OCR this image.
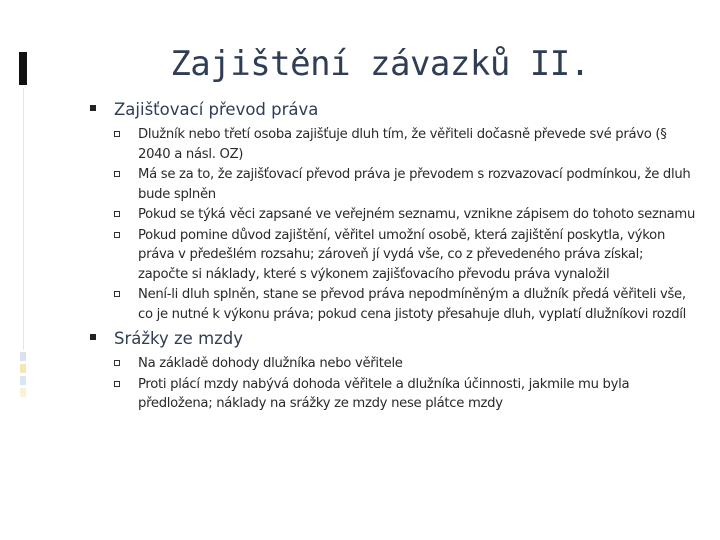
Zajištění závazků II.
Zajišťovací převod práva
Dlužník nebo třetí osoba zajišťuje dluh tím, že věřiteli dočasně převede své právo (§ 2040 a násl. OZ)
Má se za to, že zajišťovací převod práva je převodem s rozvazovací podmínkou, že dluh bude splněn
Pokud se týká věci zapsané ve veřejném seznamu, vznikne zápisem do tohoto seznamu
Pokud pomine důvod zajištění, věřitel umožní osobě, která zajištění poskytla, výkon práva v předešlém rozsahu; zároveň jí vydá vše, co z převedeného práva získal; započte si náklady, které s výkonem zajišťovacího převodu práva vynaložil
Není-li dluh splněn, stane se převod práva nepodmíněným a dlužník předá věřiteli vše, co je nutné k výkonu práva; pokud cena jistoty přesahuje dluh, vyplatí dlužníkovi rozdíl
Srážky ze mzdy
Na základě dohody dlužníka nebo věřitele
Proti plácí mzdy nabývá dohoda věřitele a dlužníka účinnosti, jakmile mu byla předložena; náklady na srážky ze mzdy nese plátce mzdy
